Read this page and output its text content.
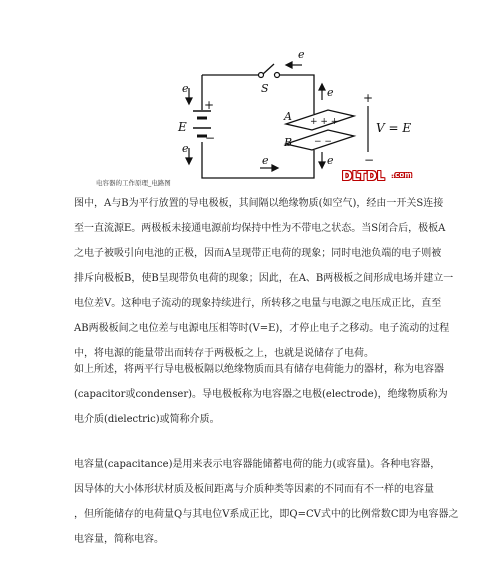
e
e
e
e
e
e
S
E
A
B
V = E
+
−
+
−
+ + +
− −
电容器的工作原理_电路图	DLTDL .com

图中，A与B为平行放置的导电极板，其间隔以绝缘物质(如空气)，经由一开关S连接

至一直流源E。两极板未接通电源前均保持中性为不带电之状态。当S闭合后，极板A

之电子被吸引向电池的正极，因而A呈现带正电荷的现象；同时电池负端的电子则被

排斥向极板B，使B呈现带负电荷的现象；因此，在A、B两极板之间形成电场并建立一

电位差V。这种电子流动的现象持续进行，所转移之电量与电源之电压成正比，直至

AB两极板间之电位差与电源电压相等时(V=E)，才停止电子之移动。电子流动的过程

中，将电源的能量带出而转存于两极板之上，也就是说储存了电荷。

如上所述，将两平行导电极板隔以绝缘物质而具有储存电荷能力的器材，称为电容器

(capacitor或condenser)。导电极板称为电容器之电极(electrode)，绝缘物质称为

电介质(dielectric)或简称介质。

电容量(capacitance)是用来表示电容器能储蓄电荷的能力(或容量)。各种电容器，

因导体的大小体形状材质及板间距离与介质种类等因素的不同而有不一样的电容量

，但所能储存的电荷量Q与其电位V系成正比，即Q=CV式中的比例常数C即为电容器之

电容量，简称电容。
